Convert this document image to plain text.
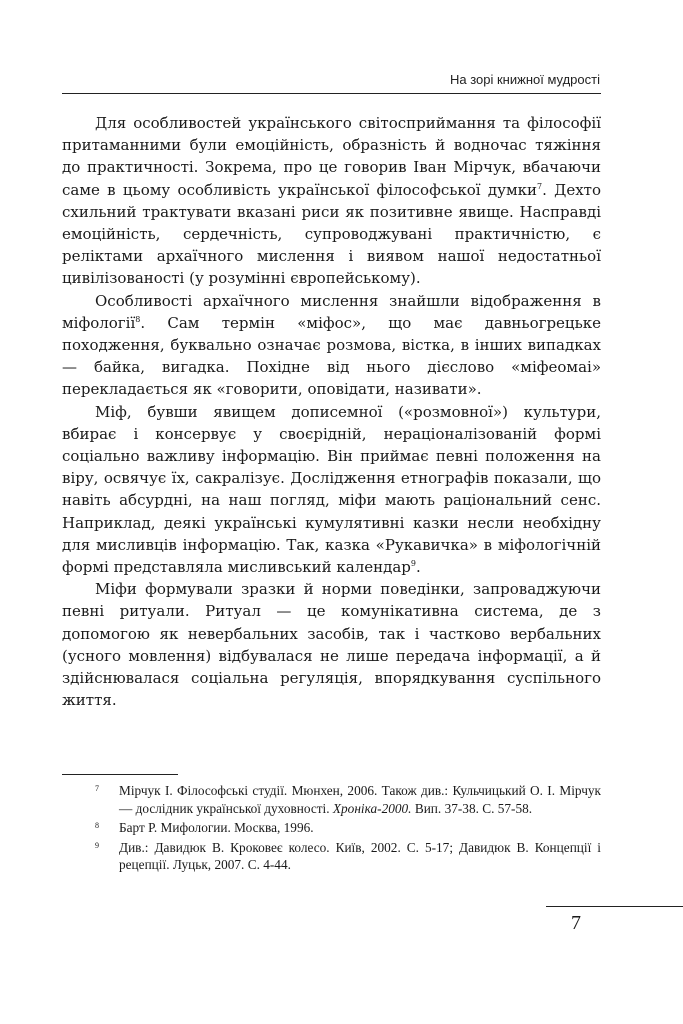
На зорі книжної мудрості

Для особливостей українського світосприймання та філософії притаманними були емоційність, образність й водночас тяжіння до практичності. Зокрема, про це говорив Іван Мірчук, вбачаючи саме в цьому особливість української філософської думки$^7$. Дехто схильний трактувати вказані риси як позитивне явище. Насправді емоційність, сердечність, супроводжувані практичністю, є реліктами архаїчного мислення і виявом нашої недостатньої цивілізованості (у розумінні європейському).

Особливості архаїчного мислення знайшли відображення в міфології$^8$. Сам термін «міфос», що має давньогрецьке походження, буквально означає розмова, вістка, в інших випадках — байка, вигадка. Похідне від нього дієслово «міфеомаі» перекладається як «говорити, оповідати, називати».

Міф, бувши явищем дописемної («розмовної») культури, вбирає і консервує у своєрідній, нераціоналізованій формі соціально важливу інформацію. Він приймає певні положення на віру, освячує їх, сакралізує. Дослідження етнографів показали, що навіть абсурдні, на наш погляд, міфи мають раціональний сенс. Наприклад, деякі українські кумулятивні казки несли необхідну для мисливців інформацію. Так, казка «Рукавичка» в міфологічній формі представляла мисливський календар$^9$.

Міфи формували зразки й норми поведінки, запроваджуючи певні ритуали. Ритуал — це комунікативна система, де з допомогою як невербальних засобів, так і частково вербальних (усного мовлення) відбувалася не лише передача інформації, а й здійснювалася соціальна регуляція, впорядкування суспільного життя.

7 Мірчук І. Філософські студії. Мюнхен, 2006. Також див.: Кульчицький О. І. Мірчук — дослідник української духовності. Хроніка-2000. Вип. 37-38. С. 57-58.
8 Барт Р. Мифологии. Москва, 1996.
9 Див.: Давидюк В. Кроковеє колесо. Київ, 2002. С. 5-17; Давидюк В. Концепції і рецепції. Луцьк, 2007. С. 4-44.
7
